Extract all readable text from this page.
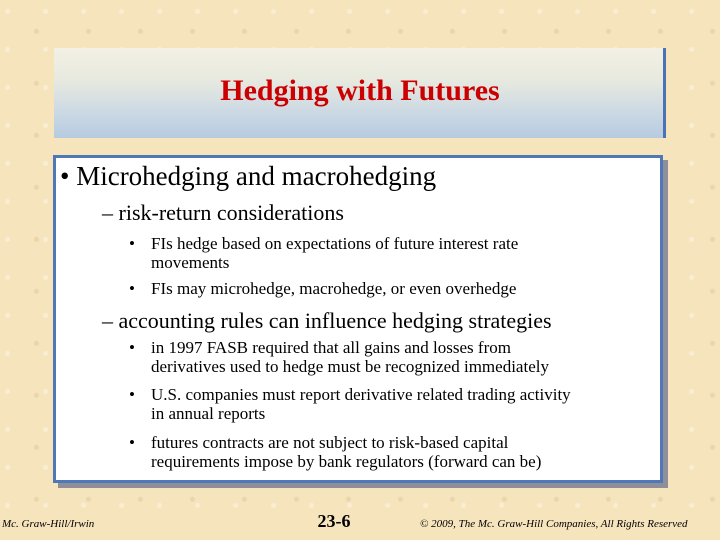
Hedging with Futures
• Microhedging and macrohedging
– risk-return considerations
• FIs hedge based on expectations of future interest rate
movements
• FIs may microhedge, macrohedge, or even overhedge
– accounting rules can influence hedging strategies
• in 1997 FASB required that all gains and losses from
derivatives used to hedge must be recognized immediately
• U.S. companies must report derivative related trading activity
in annual reports
• futures contracts are not subject to risk-based capital
requirements impose by bank regulators (forward can be)
Mc. Graw-Hill/Irwin	23-6	© 2009, The Mc. Graw-Hill Companies, All Rights Reserved
